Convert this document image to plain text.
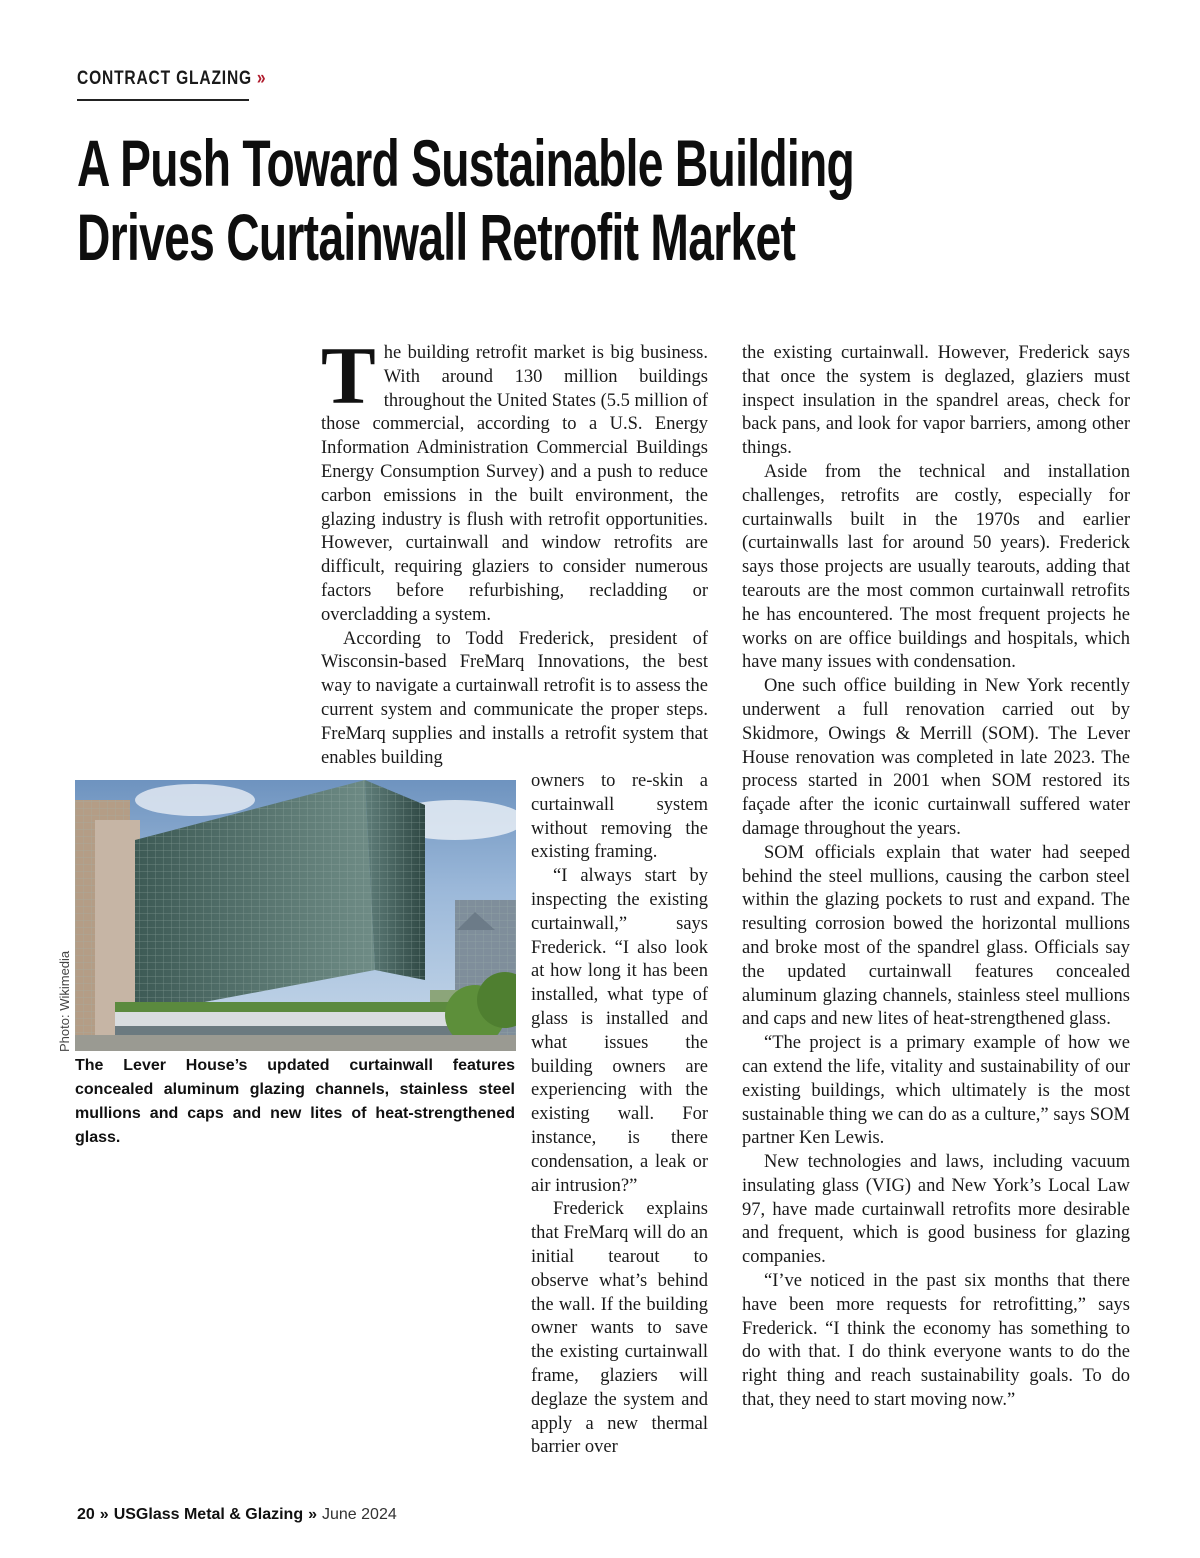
CONTRACT GLAZING »
A Push Toward Sustainable Building
Drives Curtainwall Retrofit Market

The building retrofit market is big business. With around 130 million buildings throughout the United States (5.5 million of those commercial, according to a U.S. Energy Information Administration Commercial Buildings Energy Consumption Survey) and a push to reduce carbon emissions in the built environment, the glazing industry is flush with retrofit opportunities. However, curtainwall and window retrofits are difficult, requiring glaziers to consider numerous factors before refurbishing, recladding or overcladding a system.

According to Todd Frederick, president of Wisconsin-based FreMarq Innovations, the best way to navigate a curtainwall retrofit is to assess the current system and communicate the proper steps. FreMarq supplies and installs a retrofit system that enables building

owners to re-skin a curtainwall system without removing the existing framing.

“I always start by inspecting the existing curtainwall,” says Frederick. “I also look at how long it has been installed, what type of glass is installed and what issues the building owners are experiencing with the existing wall. For instance, is there condensation, a leak or air intrusion?”

Frederick explains that FreMarq will do an initial tearout to observe what’s behind the wall. If the building owner wants to save the existing curtainwall frame, glaziers will deglaze the system and apply a new thermal barrier over

the existing curtainwall. However, Frederick says that once the system is deglazed, glaziers must inspect insulation in the spandrel areas, check for back pans, and look for vapor barriers, among other things.

Aside from the technical and installation challenges, retrofits are costly, especially for curtainwalls built in the 1970s and earlier (curtainwalls last for around 50 years). Frederick says those projects are usually tearouts, adding that tearouts are the most common curtainwall retrofits he has encountered. The most frequent projects he works on are office buildings and hospitals, which have many issues with condensation.

One such office building in New York recently underwent a full renovation carried out by Skidmore, Owings & Merrill (SOM). The Lever House renovation was completed in late 2023. The process started in 2001 when SOM restored its façade after the iconic curtainwall suffered water damage throughout the years.

SOM officials explain that water had seeped behind the steel mullions, causing the carbon steel within the glazing pockets to rust and expand. The resulting corrosion bowed the horizontal mullions and broke most of the spandrel glass. Officials say the updated curtainwall features concealed aluminum glazing channels, stainless steel mullions and caps and new lites of heat-strengthened glass.

“The project is a primary example of how we can extend the life, vitality and sustainability of our existing buildings, which ultimately is the most sustainable thing we can do as a culture,” says SOM partner Ken Lewis.

New technologies and laws, including vacuum insulating glass (VIG) and New York’s Local Law 97, have made curtainwall retrofits more desirable and frequent, which is good business for glazing companies.

“I’ve noticed in the past six months that there have been more requests for retrofitting,” says Frederick. “I think the economy has something to do with that. I do think everyone wants to do the right thing and reach sustainability goals. To do that, they need to start moving now.”

Photo: Wikimedia
The Lever House’s updated curtainwall features concealed aluminum glazing channels, stainless steel mullions and caps and new lites of heat-strengthened glass.
20 » USGlass Metal & Glazing » June 2024
